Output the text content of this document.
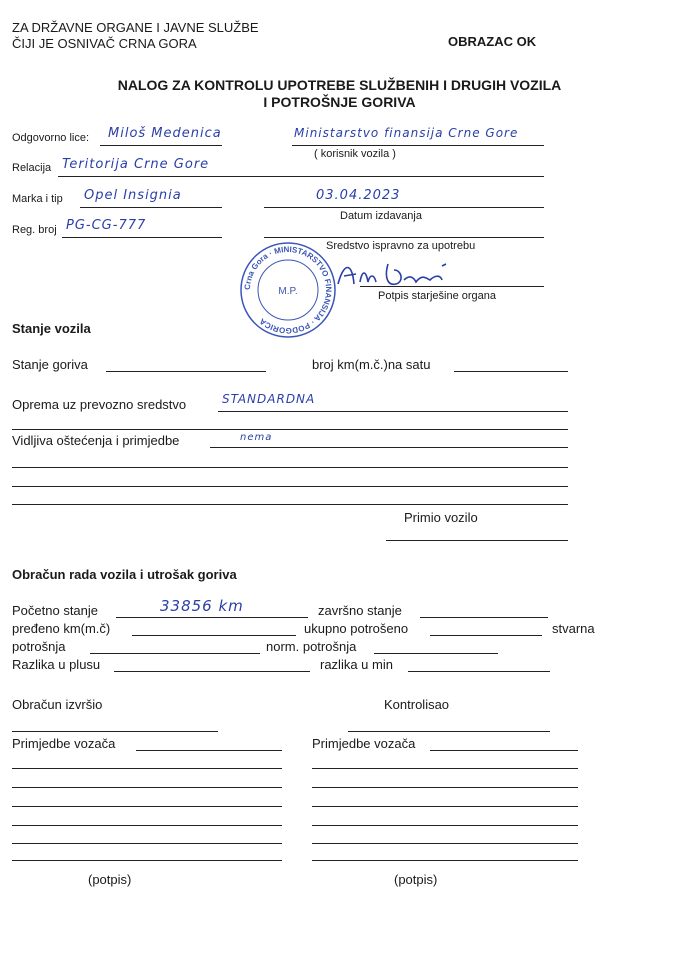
ZA DRŽAVNE ORGANE I JAVNE SLUŽBE
ČIJI JE OSNIVAČ CRNA GORA	OBRAZAC OK
NALOG ZA KONTROLU UPOTREBE SLUŽBENIH I DRUGIH VOZILA
I POTROŠNJE GORIVA
Odgovorno lice: Miloš Medenica	Ministarstvo finansija Crne Gore
( korisnik vozila )
Relacija Teritorija Crne Gore
Marka i tip Opel Insignia	03.04.2023
Datum izdavanja
Reg. broj PG-CG-777
Sredstvo ispravno za upotrebu
Crna Gora · MINISTARSTVO FINANSIJA · PODGORICA
M.P.	Potpis starješine organa
Stanje vozila
Stanje goriva	broj km(m.č.)na satu
Oprema uz prevozno sredstvo	STANDARDNA
Vidljiva oštećenja i primjedbe	nema
Primio vozilo
Obračun rada vozila i utrošak goriva
Početno stanje	33856 km	završno stanje
pređeno km(m.č)	ukupno potrošeno	stvarna
potrošnja	norm. potrošnja
Razlika u plusu	razlika u min
Obračun izvršio	Kontrolisao
Primjedbe vozača	Primjedbe vozača
(potpis)	(potpis)
